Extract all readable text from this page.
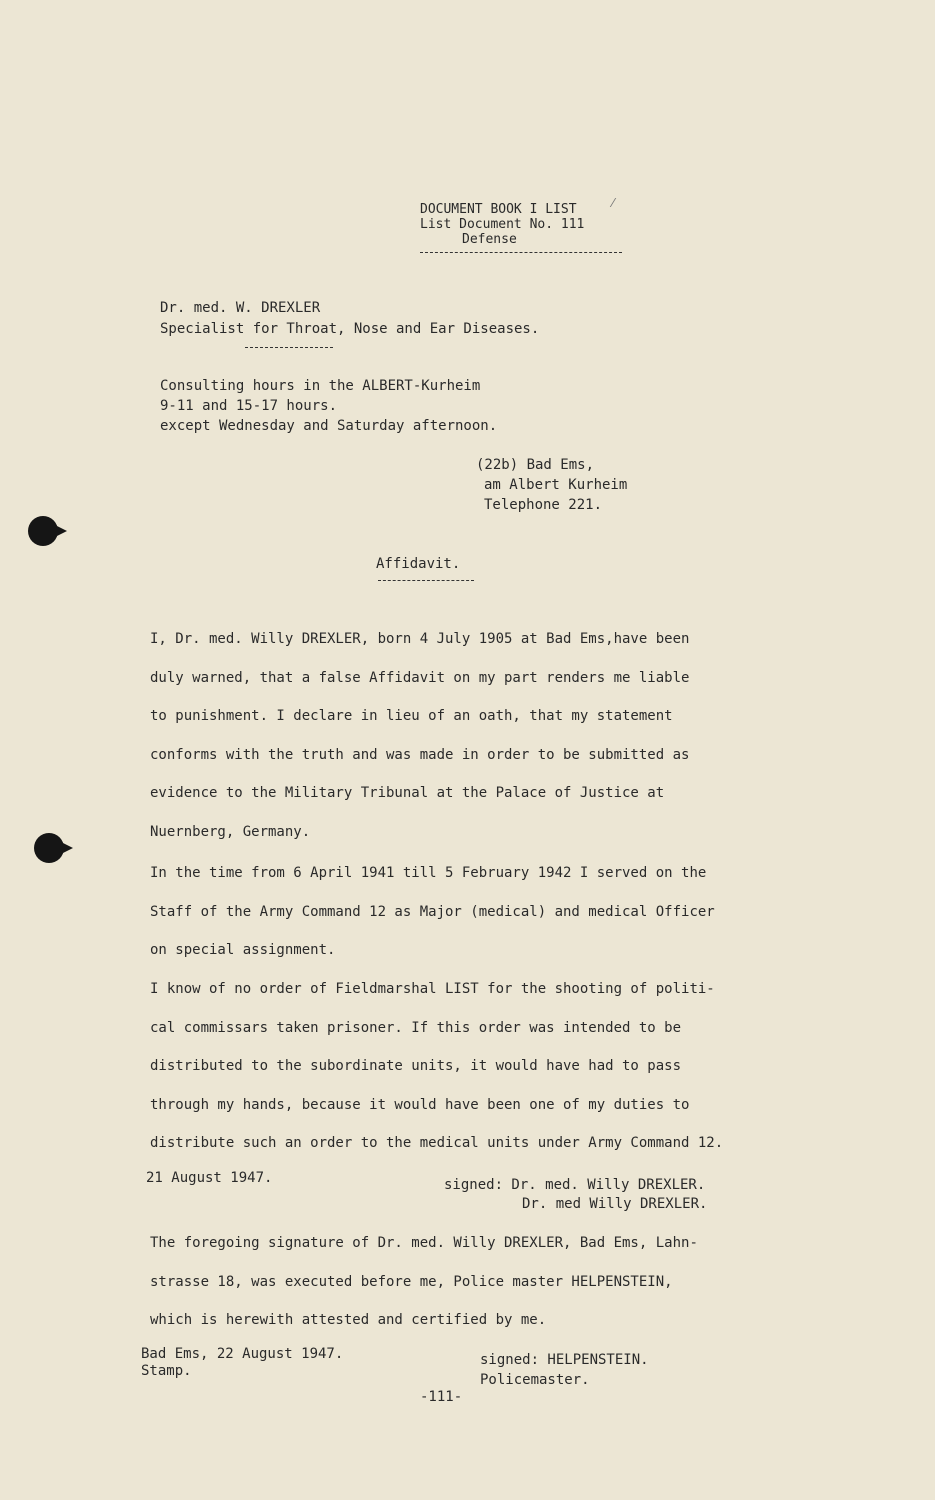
⁄
DOCUMENT BOOK I LIST
List Document No. 111
Defense
Dr. med. W. DREXLER
Specialist for Throat, Nose and Ear Diseases.
Consulting hours in the ALBERT-Kurheim
9-11 and 15-17 hours.
except Wednesday and Saturday afternoon.
(22b) Bad Ems,
am Albert Kurheim
Telephone 221.
Affidavit.
I, Dr. med. Willy DREXLER, born 4 July 1905 at Bad Ems,have been
duly warned, that a false Affidavit on my part renders me liable
to punishment. I declare in lieu of an oath, that my statement
conforms with the truth and was made in order to be submitted as
evidence to the Military Tribunal at the Palace of Justice at
Nuernberg, Germany.
In the time from 6 April 1941 till 5 February 1942 I served on the
Staff of the Army Command 12 as Major (medical) and medical Officer
on special assignment.
I know of no order of Fieldmarshal LIST for the shooting of politi-
cal commissars taken prisoner. If this order was intended to be
distributed to the subordinate units, it would have had to pass
through my hands, because it would have been one of my duties to
distribute such an order to the medical units under Army Command 12.
21 August 1947.	signed: Dr. med. Willy DREXLER.
Dr. med Willy DREXLER.
The foregoing signature of Dr. med. Willy DREXLER, Bad Ems, Lahn-
strasse 18, was executed before me, Police master HELPENSTEIN,
which is herewith attested and certified by me.
Bad Ems, 22 August 1947.
Stamp.
signed: HELPENSTEIN.
Policemaster.
-111-
